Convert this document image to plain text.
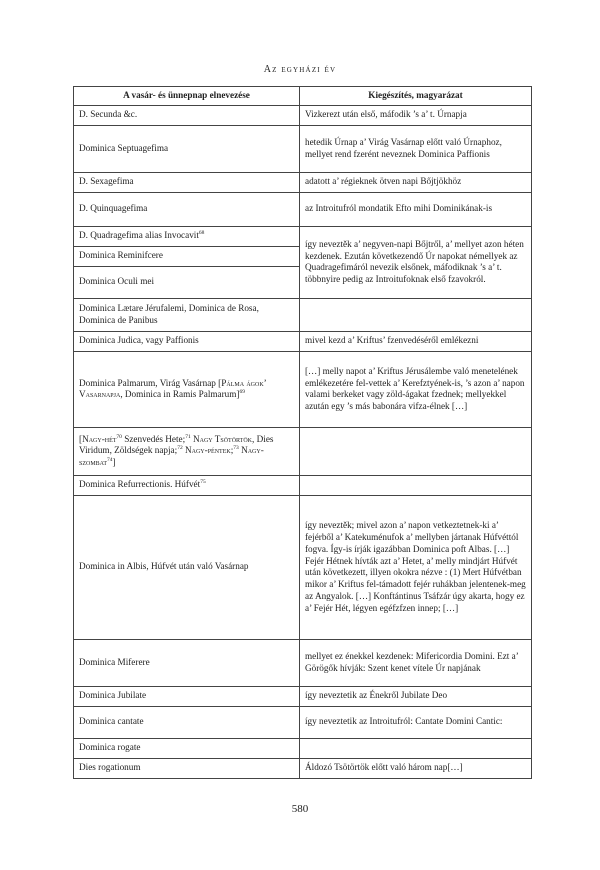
Az egyházi év
A vasár- és ünnepnap elnevezése	Kiegészítés, magyarázat
D. Secunda &c.	Vizkerezt után első, máfodik ’s a’ t. Úrnapja
Dominica Septuagefima	hetedik Úrnap a’ Virág Vasárnap előtt való Úrnaphoz, mellyet rend fzerént neveznek Dominica Paffionis
D. Sexagefima	adatott a’ régieknek ötven napi Bőjtjökhöz
D. Quinquagefima	az Introitufról mondatik Efto mihi Dominikának-is
D. Quadragefima alias Invocavit$^{68}$	így neveztěk a’ negyven-napi Bőjtről, a’ mellyet azon héten kezdenek. Ezután következendő Úr napokat némellyek az Quadragefimáról nevezik elsőnek, máfodiknak ’s a’ t. többnyire pedig az Introitufoknak első fzavokról.
Dominica Reminifcere	
Dominica Oculi mei	
Dominica Lætare Jérufalemi, Dominica de Rosa, Dominica de Panibus	
Dominica Judica, vagy Paffionis	mivel kezd a’ Kriftus’ fzenvedéséről emlékezni
Dominica Palmarum, Virág Vasárnap [Pálma ágok’ Vasarnapja, Dominica in Ramis Palmarum]$^{69}$	[…] melly napot a’ Kriftus Jérusálembe való menetelének emlékezetére fel-vettek a’ Kerefztyének-is, ’s azon a’ napon valami berkeket vagy zöld-ágakat fzednek; mellyekkel azután egy ’s más babonára vifza-élnek […]
[Nagy-hét$^{70}$ Szenvedés Hete;$^{71}$ Nagy Tsötörtök, Dies Viridum, Zöldségek napja;$^{72}$ Nagy-péntek;$^{73}$ Nagy-szombat$^{74}$]	
Dominica Refurrectionis. Húfvét$^{75}$	
Dominica in Albis, Húfvét után való Vasárnap	így neveztěk; mivel azon a’ napon vetkeztetnek-ki a’ fejérből a’ Katekuménufok a’ mellyben jártanak Húfvéttól fogva. Így-is írják igazábban Dominica poft Albas. […] Fejér Hétnek hívták azt a’ Hetet, a’ melly mindjárt Húfvét után következett, illyen okokra nézve : (1) Mert Húfvétban mikor a’ Kriftus fel-támadott fejér ruhákban jelentenek-meg az Angyalok. […] Konftántinus Tsáfzár úgy akarta, hogy ez a’ Fejér Hét, légyen egéfzfzen innep; […]
Dominica Miferere	mellyet ez énekkel kezdenek: Mifericordia Domini. Ezt a’ Görögők hívják: Szent kenet vítele Úr napjának
Dominica Jubilate	így neveztetik az Énekről Jubilate Deo
Dominica cantate	így neveztetik az Introitufról: Cantate Domini Cantic:
Dominica rogate	
Dies rogationum	Áldozó Tsötörtök előtt való három nap[…]
580
